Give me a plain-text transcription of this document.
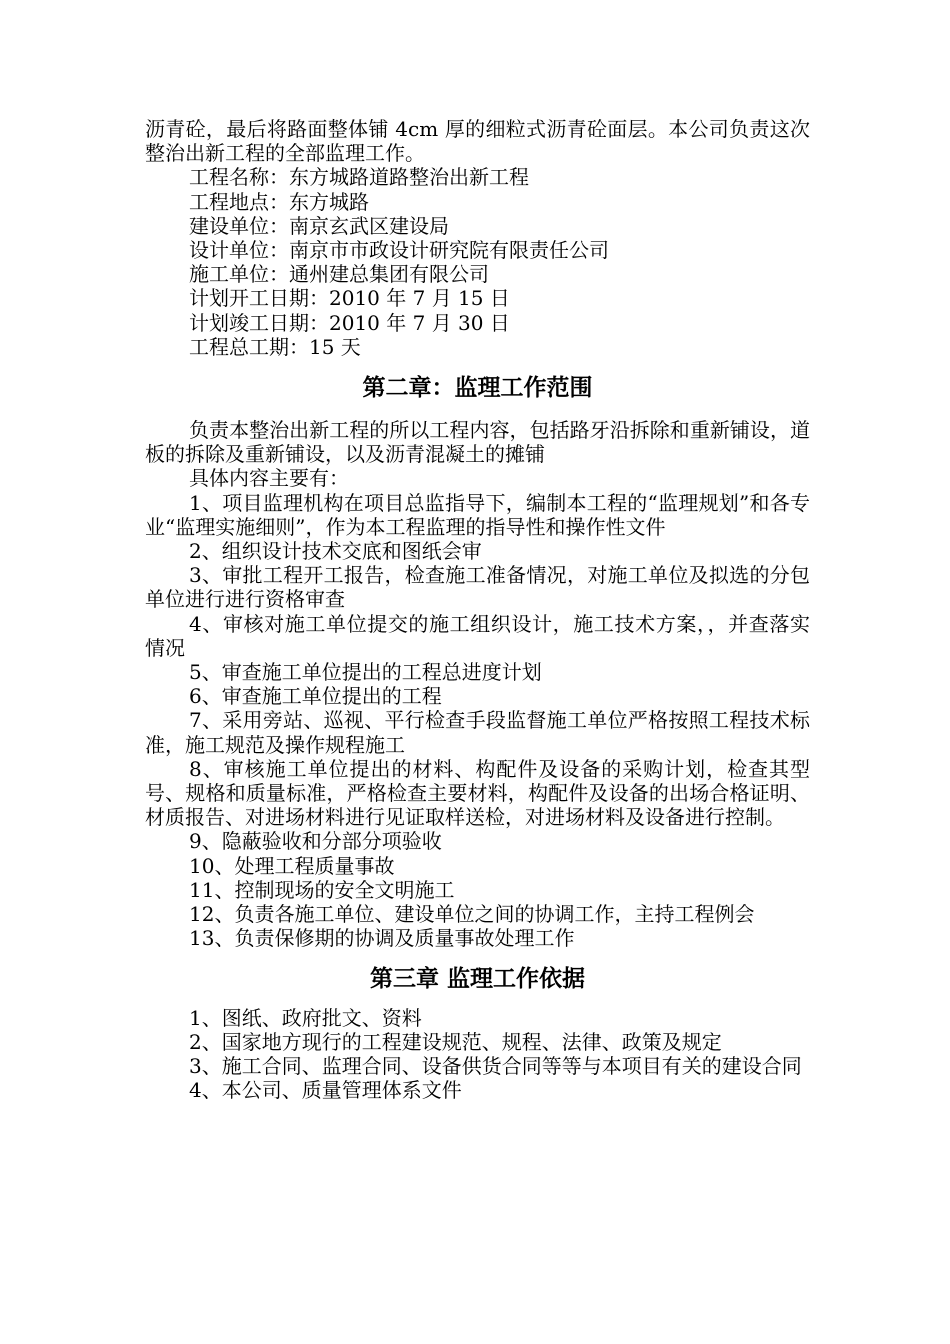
沥青砼，最后将路面整体铺 4cm 厚的细粒式沥青砼面层。本公司负责这次整治出新工程的全部监理工作。

工程名称：东方城路道路整治出新工程

工程地点：东方城路

建设单位：南京玄武区建设局

设计单位：南京市市政设计研究院有限责任公司

施工单位：通州建总集团有限公司

计划开工日期：2010 年 7 月 15 日

计划竣工日期：2010 年 7 月 30 日

工程总工期：15 天

第二章：监理工作范围

负责本整治出新工程的所以工程内容，包括路牙沿拆除和重新铺设，道板的拆除及重新铺设，以及沥青混凝土的摊铺

具体内容主要有：

1、项目监理机构在项目总监指导下，编制本工程的“监理规划”和各专业“监理实施细则”，作为本工程监理的指导性和操作性文件

2、组织设计技术交底和图纸会审

3、审批工程开工报告，检查施工准备情况，对施工单位及拟选的分包单位进行进行资格审查

4、审核对施工单位提交的施工组织设计，施工技术方案，，并查落实情况

5、审查施工单位提出的工程总进度计划

6、审查施工单位提出的工程

7、采用旁站、巡视、平行检查手段监督施工单位严格按照工程技术标准，施工规范及操作规程施工

8、审核施工单位提出的材料、构配件及设备的采购计划，检查其型号、规格和质量标准，严格检查主要材料，构配件及设备的出场合格证明、材质报告、对进场材料进行见证取样送检，对进场材料及设备进行控制。

9、隐蔽验收和分部分项验收

10、处理工程质量事故

11、控制现场的安全文明施工

12、负责各施工单位、建设单位之间的协调工作，主持工程例会

13、负责保修期的协调及质量事故处理工作

第三章 监理工作依据

1、图纸、政府批文、资料

2、国家地方现行的工程建设规范、规程、法律、政策及规定

3、施工合同、监理合同、设备供货合同等等与本项目有关的建设合同

4、本公司、质量管理体系文件
